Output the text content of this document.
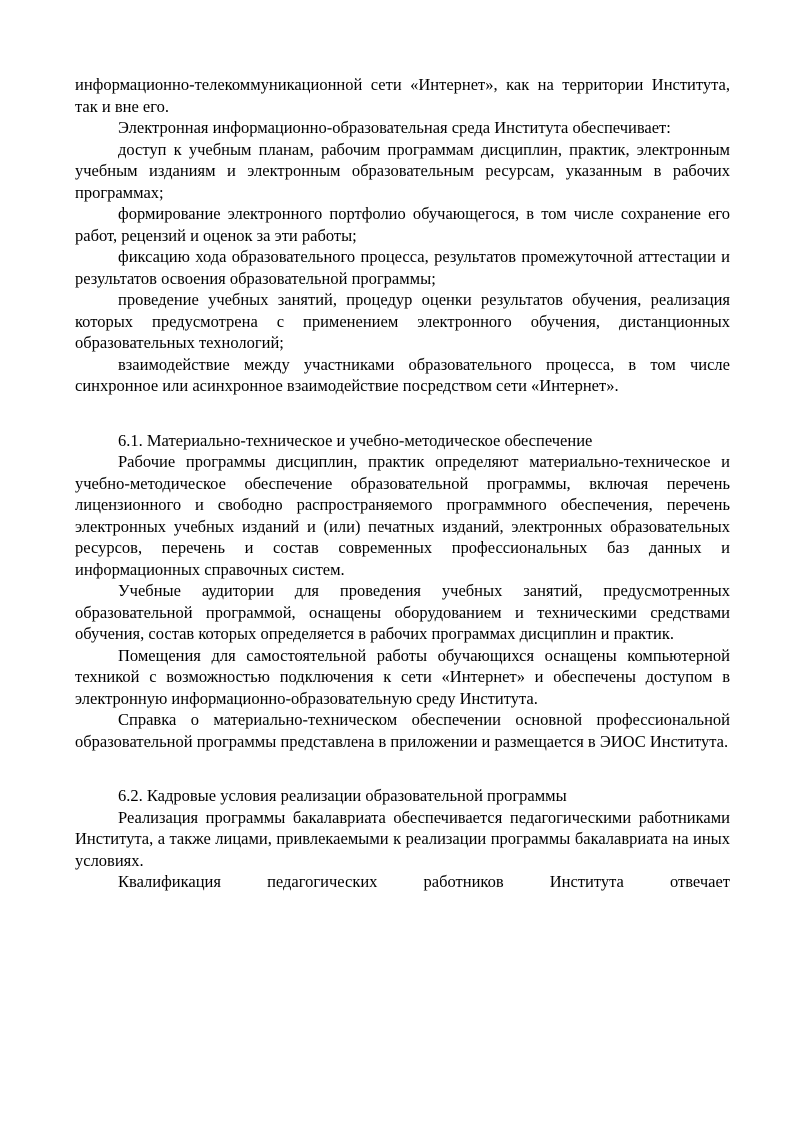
информационно-телекоммуникационной сети «Интернет», как на территории Института, так и вне его.

Электронная информационно-образовательная среда Института обеспечивает:

доступ к учебным планам, рабочим программам дисциплин, практик, электронным учебным изданиям и электронным образовательным ресурсам, указанным в рабочих программах;

формирование электронного портфолио обучающегося, в том числе сохранение его работ, рецензий и оценок за эти работы;

фиксацию хода образовательного процесса, результатов промежуточной аттестации и результатов освоения образовательной программы;

проведение учебных занятий, процедур оценки результатов обучения, реализация которых предусмотрена с применением электронного обучения, дистанционных образовательных технологий;

взаимодействие между участниками образовательного процесса, в том числе синхронное или асинхронное взаимодействие посредством сети «Интернет».

6.1. Материально-техническое и учебно-методическое обеспечение

Рабочие программы дисциплин, практик определяют материально-техническое и учебно-методическое обеспечение образовательной программы, включая перечень лицензионного и свободно распространяемого программного обеспечения, перечень электронных учебных изданий и (или) печатных изданий, электронных образовательных ресурсов, перечень и состав современных профессиональных баз данных и информационных справочных систем.

Учебные аудитории для проведения учебных занятий, предусмотренных образовательной программой, оснащены оборудованием и техническими средствами обучения, состав которых определяется в рабочих программах дисциплин и практик.

Помещения для самостоятельной работы обучающихся оснащены компьютерной техникой с возможностью подключения к сети «Интернет» и обеспечены доступом в электронную информационно-образовательную среду Института.

Справка о материально-техническом обеспечении основной профессиональной образовательной программы представлена в приложении и размещается в ЭИОС Института.

6.2. Кадровые условия реализации образовательной программы

Реализация программы бакалавриата обеспечивается педагогическими работниками Института, а также лицами, привлекаемыми к реализации программы бакалавриата на иных условиях.

Квалификация педагогических работников Института отвечает
